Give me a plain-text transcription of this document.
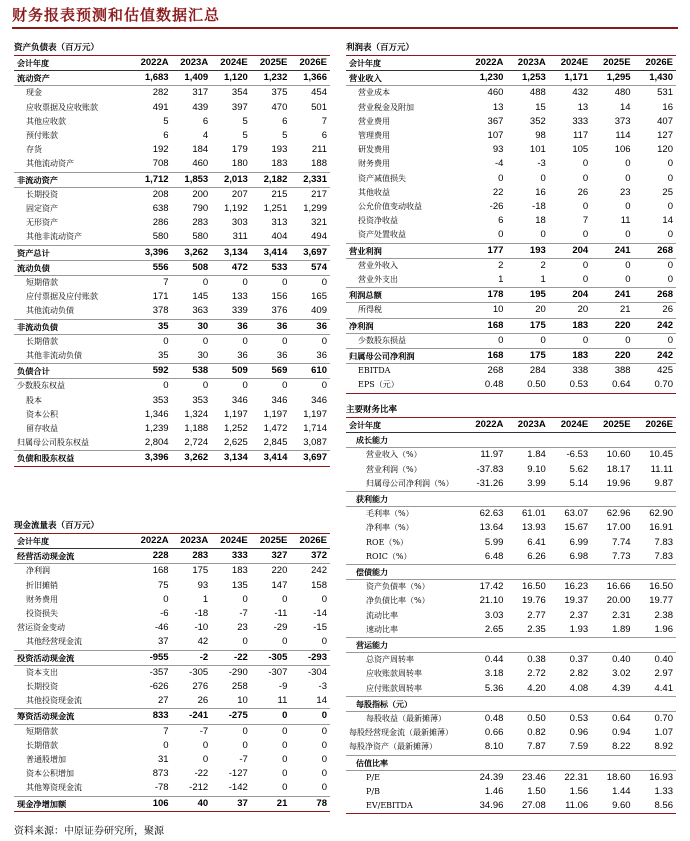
财务报表预测和估值数据汇总
资产负债表（百万元）
会计年度	2022A	2023A	2024E	2025E	2026E
流动资产	1,683	1,409	1,120	1,232	1,366
现金	282	317	354	375	454
应收票据及应收账款	491	439	397	470	501
其他应收款	5	6	5	6	7
预付账款	6	4	5	5	6
存货	192	184	179	193	211
其他流动资产	708	460	180	183	188
非流动资产	1,712	1,853	2,013	2,182	2,331
长期投资	208	200	207	215	217
固定资产	638	790	1,192	1,251	1,299
无形资产	286	283	303	313	321
其他非流动资产	580	580	311	404	494
资产总计	3,396	3,262	3,134	3,414	3,697
流动负债	556	508	472	533	574
短期借款	7	0	0	0	0
应付票据及应付账款	171	145	133	156	165
其他流动负债	378	363	339	376	409
非流动负债	35	30	36	36	36
长期借款	0	0	0	0	0
其他非流动负债	35	30	36	36	36
负债合计	592	538	509	569	610
少数股东权益	0	0	0	0	0
股本	353	353	346	346	346
资本公积	1,346	1,324	1,197	1,197	1,197
留存收益	1,239	1,188	1,252	1,472	1,714
归属母公司股东权益	2,804	2,724	2,625	2,845	3,087
负债和股东权益	3,396	3,262	3,134	3,414	3,697
现金流量表（百万元）
会计年度	2022A	2023A	2024E	2025E	2026E
经营活动现金流	228	283	333	327	372
净利润	168	175	183	220	242
折旧摊销	75	93	135	147	158
财务费用	0	1	0	0	0
投资损失	-6	-18	-7	-11	-14
营运资金变动	-46	-10	23	-29	-15
其他经营现金流	37	42	0	0	0
投资活动现金流	-955	-2	-22	-305	-293
资本支出	-357	-305	-290	-307	-304
长期投资	-626	276	258	-9	-3
其他投资现金流	27	26	10	11	14
筹资活动现金流	833	-241	-275	0	0
短期借款	7	-7	0	0	0
长期借款	0	0	0	0	0
普通股增加	31	0	-7	0	0
资本公积增加	873	-22	-127	0	0
其他筹资现金流	-78	-212	-142	0	0
现金净增加额	106	40	37	21	78
利润表（百万元）
会计年度	2022A	2023A	2024E	2025E	2026E
营业收入	1,230	1,253	1,171	1,295	1,430
营业成本	460	488	432	480	531
营业税金及附加	13	15	13	14	16
营业费用	367	352	333	373	407
管理费用	107	98	117	114	127
研发费用	93	101	105	106	120
财务费用	-4	-3	0	0	0
资产减值损失	0	0	0	0	0
其他收益	22	16	26	23	25
公允价值变动收益	-26	-18	0	0	0
投资净收益	6	18	7	11	14
资产处置收益	0	0	0	0	0
营业利润	177	193	204	241	268
营业外收入	2	2	0	0	0
营业外支出	1	1	0	0	0
利润总额	178	195	204	241	268
所得税	10	20	20	21	26
净利润	168	175	183	220	242
少数股东损益	0	0	0	0	0
归属母公司净利润	168	175	183	220	242
EBITDA	268	284	338	388	425
EPS（元）	0.48	0.50	0.53	0.64	0.70
主要财务比率
会计年度	2022A	2023A	2024E	2025E	2026E
成长能力					
营业收入（%）	11.97	1.84	-6.53	10.60	10.45
营业利润（%）	-37.83	9.10	5.62	18.17	11.11
归属母公司净利润（%）	-31.26	3.99	5.14	19.96	9.87
获利能力					
毛利率（%）	62.63	61.01	63.07	62.96	62.90
净利率（%）	13.64	13.93	15.67	17.00	16.91
ROE（%）	5.99	6.41	6.99	7.74	7.83
ROIC（%）	6.48	6.26	6.98	7.73	7.83
偿债能力					
资产负债率（%）	17.42	16.50	16.23	16.66	16.50
净负债比率（%）	21.10	19.76	19.37	20.00	19.77
流动比率	3.03	2.77	2.37	2.31	2.38
速动比率	2.65	2.35	1.93	1.89	1.96
营运能力					
总资产周转率	0.44	0.38	0.37	0.40	0.40
应收账款周转率	3.18	2.72	2.82	3.02	2.97
应付账款周转率	5.36	4.20	4.08	4.39	4.41
每股指标（元）					
每股收益（最新摊薄）	0.48	0.50	0.53	0.64	0.70
每股经营现金流（最新摊薄）	0.66	0.82	0.96	0.94	1.07
每股净资产（最新摊薄）	8.10	7.87	7.59	8.22	8.92
估值比率					
P/E	24.39	23.46	22.31	18.60	16.93
P/B	1.46	1.50	1.56	1.44	1.33
EV/EBITDA	34.96	27.08	11.06	9.60	8.56
资料来源：中原证券研究所，聚源
